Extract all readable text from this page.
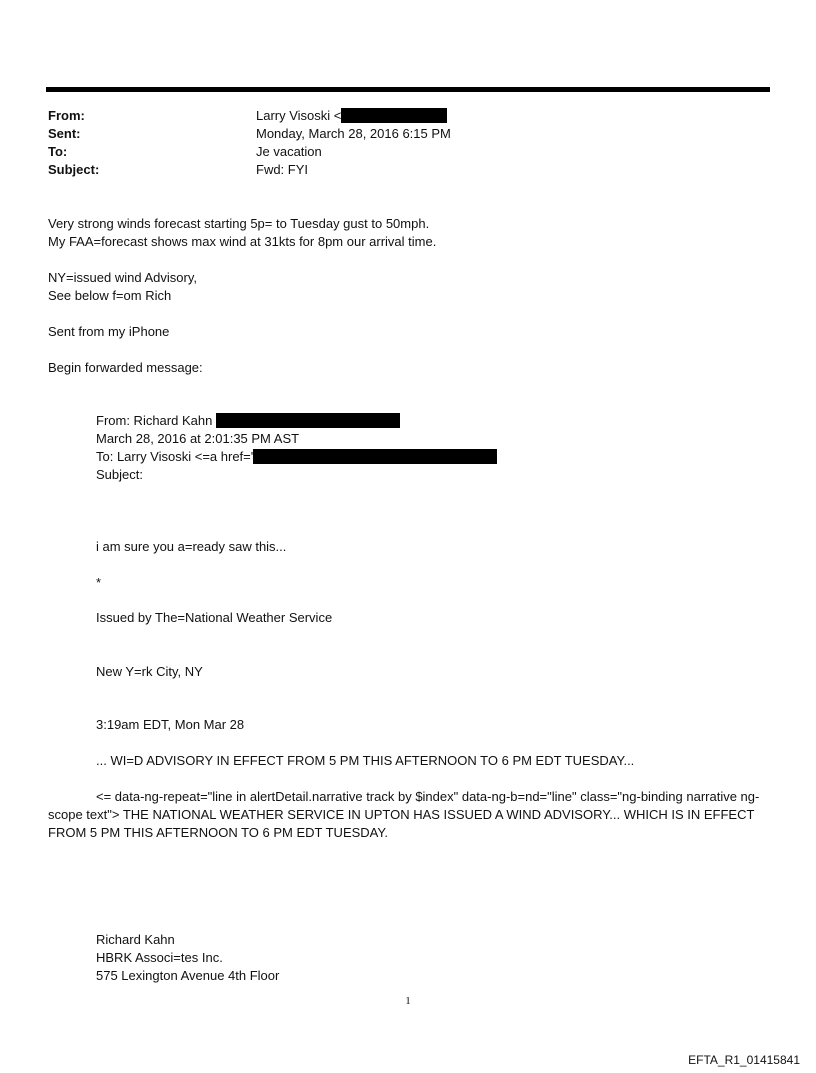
From:	Larry Visoski <
Sent:	Monday, March 28, 2016 6:15 PM
To:	Je vacation
Subject:	Fwd: FYI
Very strong winds forecast starting 5p= to Tuesday gust to 50mph.
My FAA=forecast shows max wind at 31kts for 8pm our arrival time.
NY=issued wind Advisory,
See below f=om Rich
Sent from my iPhone
Begin forwarded message:
From: Richard Kahn
March 28, 2016 at 2:01:35 PM AST
To: Larry Visoski <=a href='
Subject:
i am sure you a=ready saw this...
*
Issued by The=National Weather Service
New Y=rk City, NY
3:19am EDT, Mon Mar 28
... WI=D ADVISORY IN EFFECT FROM 5 PM THIS AFTERNOON TO 6 PM EDT TUESDAY...
<= data-ng-repeat="line in alertDetail.narrative track by $index" data-ng-b=nd="line" class="ng-binding narrative ng-scope text"> THE NATIONAL WEATHER SERVICE IN UPTON HAS ISSUED A WIND ADVISORY... WHICH IS IN EFFECT FROM 5 PM THIS AFTERNOON TO 6 PM EDT TUESDAY.
Richard Kahn
HBRK Associ=tes Inc.
575 Lexington Avenue 4th Floor
1
EFTA_R1_01415841
